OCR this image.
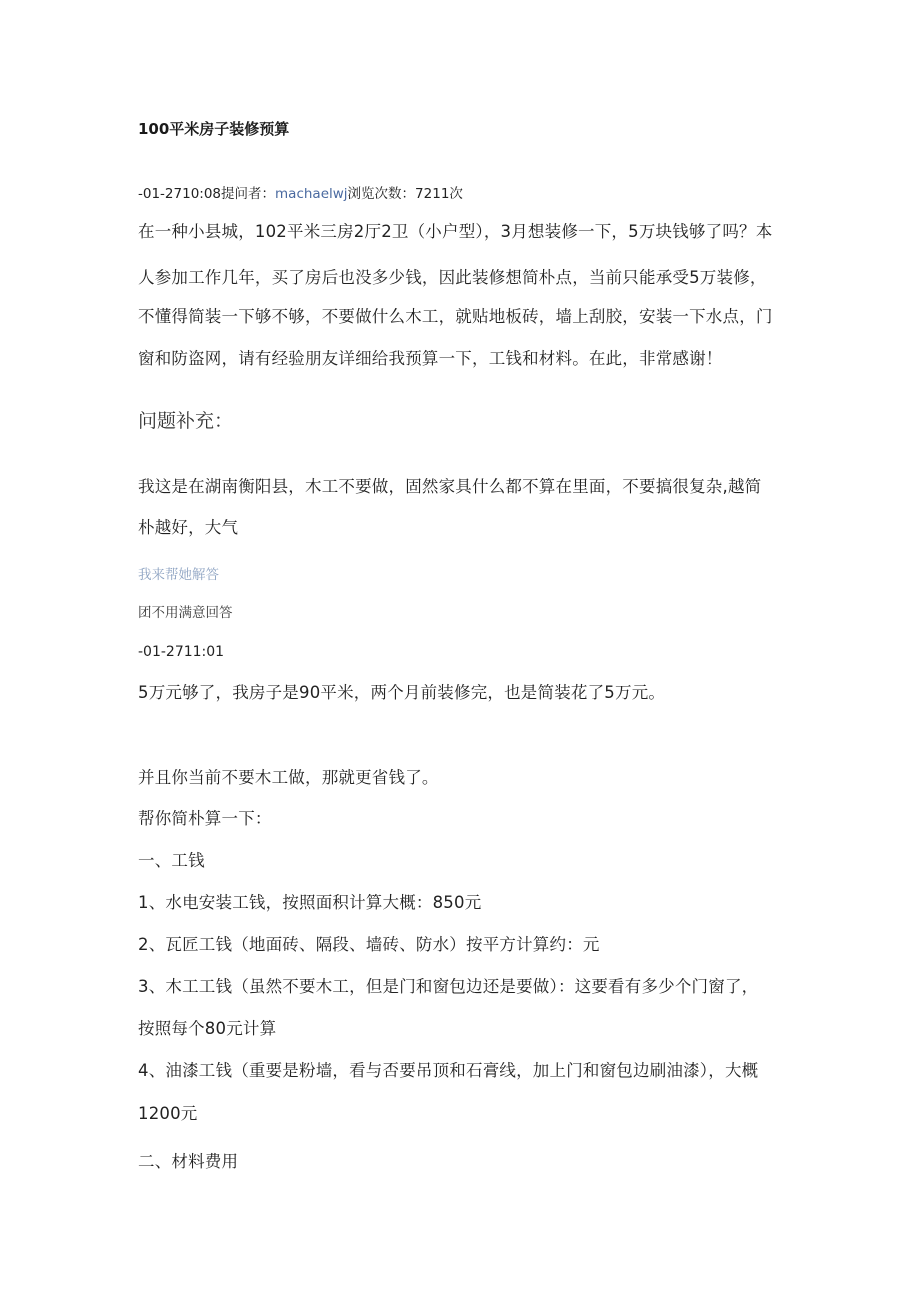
100平米房子装修预算
-01-2710:08提问者：machaelwj浏览次数：7211次
在一种小县城，102平米三房2厅2卫（小户型），3月想装修一下，5万块钱够了吗？本
人参加工作几年，买了房后也没多少钱，因此装修想简朴点，当前只能承受5万装修，
不懂得简装一下够不够，不要做什么木工，就贴地板砖，墙上刮胶，安装一下水点，门
窗和防盗网，请有经验朋友详细给我预算一下，工钱和材料。在此，非常感谢！
问题补充：
我这是在湖南衡阳县，木工不要做，固然家具什么都不算在里面，不要搞很复杂,越简
朴越好，大气
我来帮她解答
团不用满意回答
-01-2711:01
5万元够了，我房子是90平米，两个月前装修完，也是简装花了5万元。
并且你当前不要木工做，那就更省钱了。
帮你简朴算一下：
一、工钱
1、水电安装工钱，按照面积计算大概：850元
2、瓦匠工钱（地面砖、隔段、墙砖、防水）按平方计算约：元
3、木工工钱（虽然不要木工，但是门和窗包边还是要做）：这要看有多少个门窗了，
按照每个80元计算
4、油漆工钱（重要是粉墙，看与否要吊顶和石膏线，加上门和窗包边刷油漆），大概
1200元
二、材料费用
